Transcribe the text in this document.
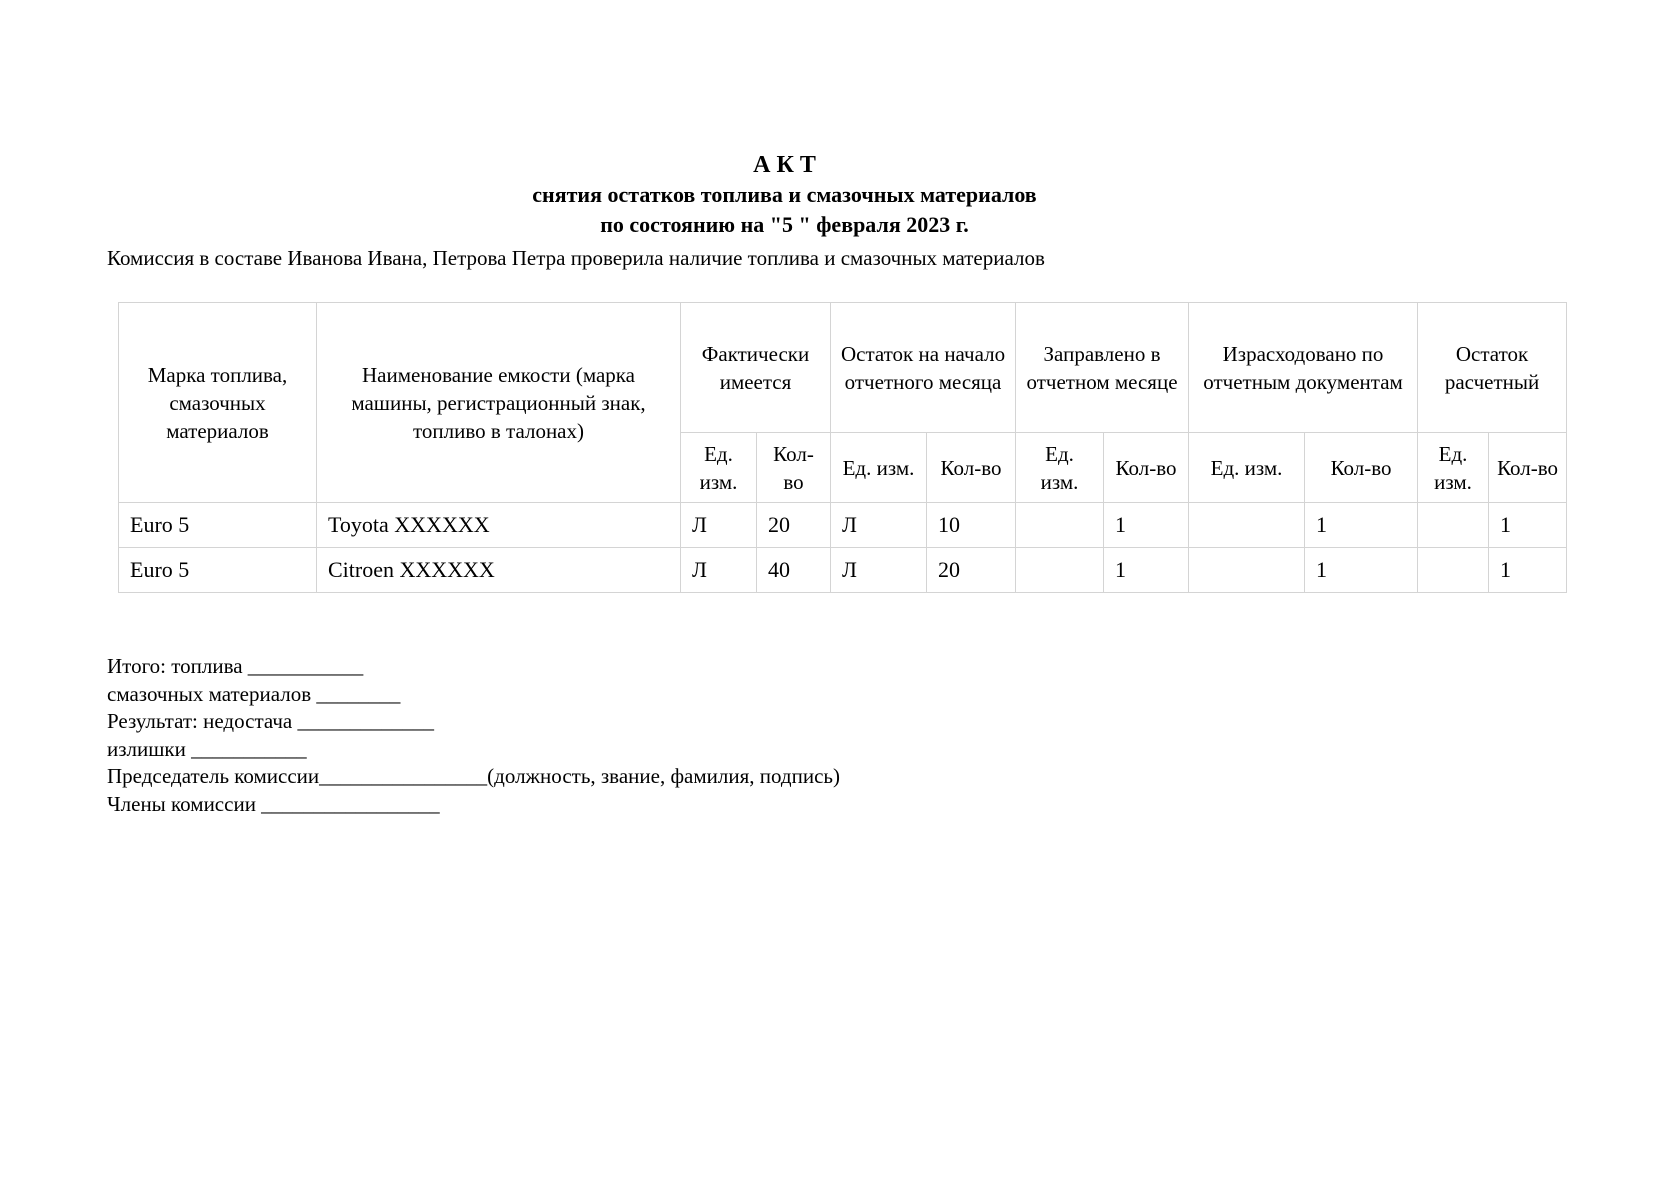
А К Т
снятия остатков топлива и смазочных материалов
по состоянию на "5 " февраля 2023 г.
Комиссия в составе Иванова Ивана, Петрова Петра проверила наличие топлива и смазочных материалов
Марка топлива, смазочных материалов	Наименование емкости (марка машины, регистрационный знак, топливо в талонах)	Фактически имеется		Остаток на начало отчетного месяца		Заправлено в отчетном месяце		Израсходовано по отчетным документам		Остаток расчетный	
		Ед. изм.	Кол-во	Ед. изм.	Кол-во	Ед. изм.	Кол-во	Ед. изм.	Кол-во	Ед. изм.	Кол-во
Euro 5	Toyota XXXXXX	Л	20	Л	10		1		1		1
Euro 5	Citroen XXXXXX	Л	40	Л	20		1		1		1
Итого: топлива ___________
смазочных материалов ________
Результат: недостача _____________
излишки ___________
Председатель комиссии________________(должность, звание, фамилия, подпись)
Члены комиссии _________________
